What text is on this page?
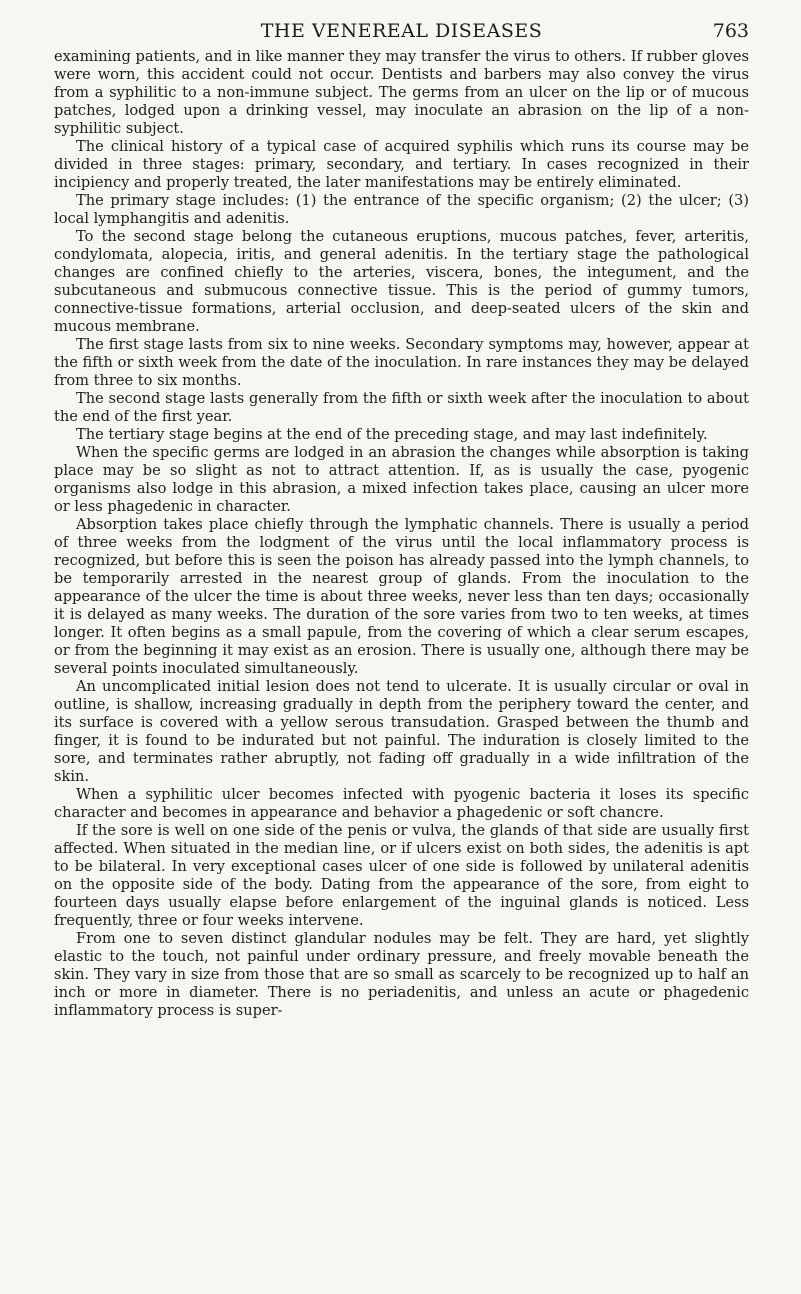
THE VENEREAL DISEASES	763

examining patients, and in like manner they may transfer the virus to others. If rubber gloves were worn, this accident could not occur. Dentists and barbers may also convey the virus from a syphilitic to a non-immune subject. The germs from an ulcer on the lip or of mucous patches, lodged upon a drinking vessel, may inoculate an abrasion on the lip of a non-syphilitic subject.

The clinical history of a typical case of acquired syphilis which runs its course may be divided in three stages: primary, secondary, and tertiary. In cases recognized in their incipiency and properly treated, the later manifestations may be entirely eliminated.

The primary stage includes: (1) the entrance of the specific organism; (2) the ulcer; (3) local lymphangitis and adenitis.

To the second stage belong the cutaneous eruptions, mucous patches, fever, arteritis, condylomata, alopecia, iritis, and general adenitis. In the tertiary stage the pathological changes are confined chiefly to the arteries, viscera, bones, the integument, and the subcutaneous and submucous connective tissue. This is the period of gummy tumors, connective-tissue formations, arterial occlusion, and deep-seated ulcers of the skin and mucous membrane.

The first stage lasts from six to nine weeks. Secondary symptoms may, however, appear at the fifth or sixth week from the date of the inoculation. In rare instances they may be delayed from three to six months.

The second stage lasts generally from the fifth or sixth week after the inoculation to about the end of the first year.

The tertiary stage begins at the end of the preceding stage, and may last indefinitely.

When the specific germs are lodged in an abrasion the changes while absorption is taking place may be so slight as not to attract attention. If, as is usually the case, pyogenic organisms also lodge in this abrasion, a mixed infection takes place, causing an ulcer more or less phagedenic in character.

Absorption takes place chiefly through the lymphatic channels. There is usually a period of three weeks from the lodgment of the virus until the local inflammatory process is recognized, but before this is seen the poison has already passed into the lymph channels, to be temporarily arrested in the nearest group of glands. From the inoculation to the appearance of the ulcer the time is about three weeks, never less than ten days; occasionally it is delayed as many weeks. The duration of the sore varies from two to ten weeks, at times longer. It often begins as a small papule, from the covering of which a clear serum escapes, or from the beginning it may exist as an erosion. There is usually one, although there may be several points inoculated simultaneously.

An uncomplicated initial lesion does not tend to ulcerate. It is usually circular or oval in outline, is shallow, increasing gradually in depth from the periphery toward the center, and its surface is covered with a yellow serous transudation. Grasped between the thumb and finger, it is found to be indurated but not painful. The induration is closely limited to the sore, and terminates rather abruptly, not fading off gradually in a wide infiltration of the skin.

When a syphilitic ulcer becomes infected with pyogenic bacteria it loses its specific character and becomes in appearance and behavior a phagedenic or soft chancre.

If the sore is well on one side of the penis or vulva, the glands of that side are usually first affected. When situated in the median line, or if ulcers exist on both sides, the adenitis is apt to be bilateral. In very exceptional cases ulcer of one side is followed by unilateral adenitis on the opposite side of the body. Dating from the appearance of the sore, from eight to fourteen days usually elapse before enlargement of the inguinal glands is noticed. Less frequently, three or four weeks intervene.

From one to seven distinct glandular nodules may be felt. They are hard, yet slightly elastic to the touch, not painful under ordinary pressure, and freely movable beneath the skin. They vary in size from those that are so small as scarcely to be recognized up to half an inch or more in diameter. There is no periadenitis, and unless an acute or phagedenic inflammatory process is super-
